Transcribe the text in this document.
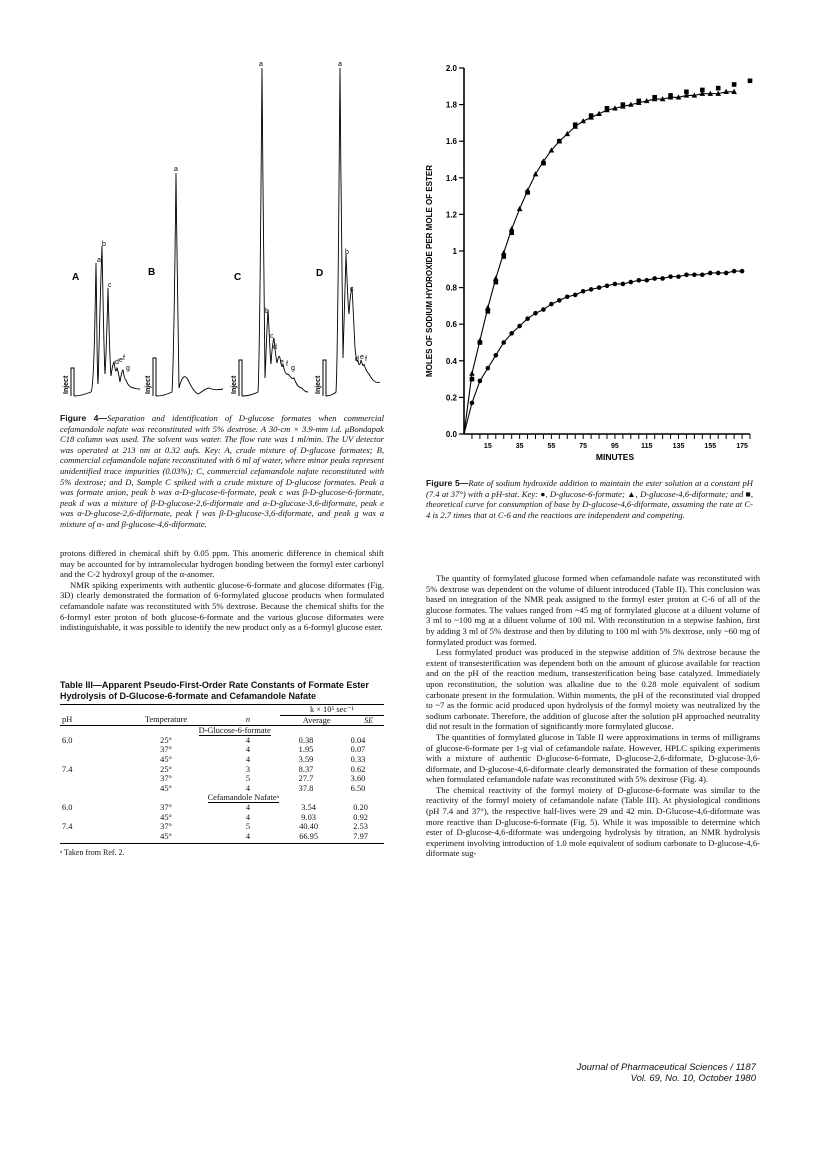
A
Inject
a
b
c
d e f
g
B
Inject
a
C
Inject
a
b
c
d
e f
g
D
Inject
a
b
c
d e f
Figure 4—Separation and identification of D-glucose formates when commercial cefamandole nafate was reconstituted with 5% dextrose. A 30-cm × 3.9-mm i.d. μBondapak C18 column was used. The solvent was water. The flow rate was 1 ml/min. The UV detector was operated at 213 nm at 0.32 aufs. Key: A, crude mixture of D-glucose formates; B, commercial cefamandole nafate reconstituted with 6 ml of water, where minor peaks represent unidentified trace impurities (0.03%); C, commercial cefamandole nafate reconstituted with 5% dextrose; and D, Sample C spiked with a crude mixture of D-glucose formates. Peak a was formate anion, peak b was α-D-glucose-6-formate, peak c was β-D-glucose-6-formate, peak d was a mixture of β-D-glucose-2,6-diformate and α-D-glucose-3,6-diformate, peak e was α-D-glucose-2,6-diformate, peak f was β-D-glucose-3,6-diformate, and peak g was a mixture of α- and β-glucose-4,6-diformate.
0.0
0.2
0.4
0.6
0.8
1
1.2
1.4
1.6
1.8
2.0
15	35	55	75	95	115	135	155	175
MINUTES
MOLES OF SODIUM HYDROXIDE PER MOLE OF ESTER
Figure 5—Rate of sodium hydroxide addition to maintain the ester solution at a constant pH (7.4 at 37°) with a pH-stat. Key: ●, D-glucose-6-formate; ▲, D-glucose-4,6-diformate; and ■, theoretical curve for consumption of base by D-glucose-4,6-diformate, assuming the rate at C-4 is 2.7 times that at C-6 and the reactions are independent and competing.

protons differed in chemical shift by 0.05 ppm. This anomeric difference in chemical shift may be accounted for by intramolecular hydrogen bonding between the formyl ester carbonyl and the C-2 hydroxyl group of the α-anomer.

NMR spiking experiments with authentic glucose-6-formate and glucose diformates (Fig. 3D) clearly demonstrated the formation of 6-formylated glucose products when formulated cefamandole nafate was reconstituted with 5% dextrose. Because the chemical shifts for the 6-formyl ester proton of both glucose-6-formate and the various glucose diformates were indistinguishable, it was possible to identify the new product only as a 6-formyl glucose ester.

Table III—Apparent Pseudo-First-Order Rate Constants of Formate Ester Hydrolysis of D-Glucose-6-formate and Cefamandole Nafate
			k × 10⁵ sec⁻¹	
pH	Temperature	n	Average	SE
	D-Glucose-6-formate			
6.0	25°	4	0.38	0.04
	37°	4	1.95	0.07
	45°	4	3.59	0.33
7.4	25°	3	8.37	0.62
	37°	5	27.7	3.60
	45°	4	37.8	6.50
	Cefamandole Nafateᵃ	
6.0	37°	4	3.54	0.20
	45°	4	9.03	0.92
7.4	37°	5	40.40	2.53
	45°	4	66.95	7.97
ᵃ Taken from Ref. 2.

The quantity of formylated glucose formed when cefamandole nafate was reconstituted with 5% dextrose was dependent on the volume of diluent introduced (Table II). This conclusion was based on integration of the NMR peak assigned to the formyl ester proton at C-6 of all of the glucose formates. The values ranged from ~45 mg of formylated glucose at a diluent volume of 3 ml to ~100 mg at a diluent volume of 100 ml. With reconstitution in a stepwise fashion, first by adding 3 ml of 5% dextrose and then by diluting to 100 ml with 5% dextrose, only ~60 mg of formylated product was formed.

Less formylated product was produced in the stepwise addition of 5% dextrose because the extent of transesterification was dependent both on the amount of glucose available for reaction and on the pH of the reaction medium, transesterification being base catalyzed. Immediately upon reconstitution, the solution was alkaline due to the 0.28 mole equivalent of sodium carbonate present in the formulation. Within moments, the pH of the reconstituted vial dropped to ~7 as the formic acid produced upon hydrolysis of the formyl moiety was neutralized by the sodium carbonate. Therefore, the addition of glucose after the solution pH approached neutrality did not result in the formation of significantly more formylated glucose.

The quantities of formylated glucose in Table II were approximations in terms of milligrams of glucose-6-formate per 1-g vial of cefamandole nafate. However, HPLC spiking experiments with a mixture of authentic D-glucose-6-formate, D-glucose-2,6-diformate, D-glucose-3,6-diformate, and D-glucose-4,6-diformate clearly demonstrated the formation of these compounds when formulated cefamandole nafate was reconstituted with 5% dextrose (Fig. 4).

The chemical reactivity of the formyl moiety of D-glucose-6-formate was similar to the reactivity of the formyl moiety of cefamandole nafate (Table III). At physiological conditions (pH 7.4 and 37°), the respective half-lives were 29 and 42 min. D-Glucose-4,6-diformate was more reactive than D-glucose-6-formate (Fig. 5). While it was impossible to determine which ester of D-glucose-4,6-diformate was undergoing hydrolysis by titration, an NMR hydrolysis experiment involving introduction of 1.0 mole equivalent of sodium carbonate to D-glucose-4,6-diformate sug-

Journal of Pharmaceutical Sciences / 1187
Vol. 69, No. 10, October 1980
